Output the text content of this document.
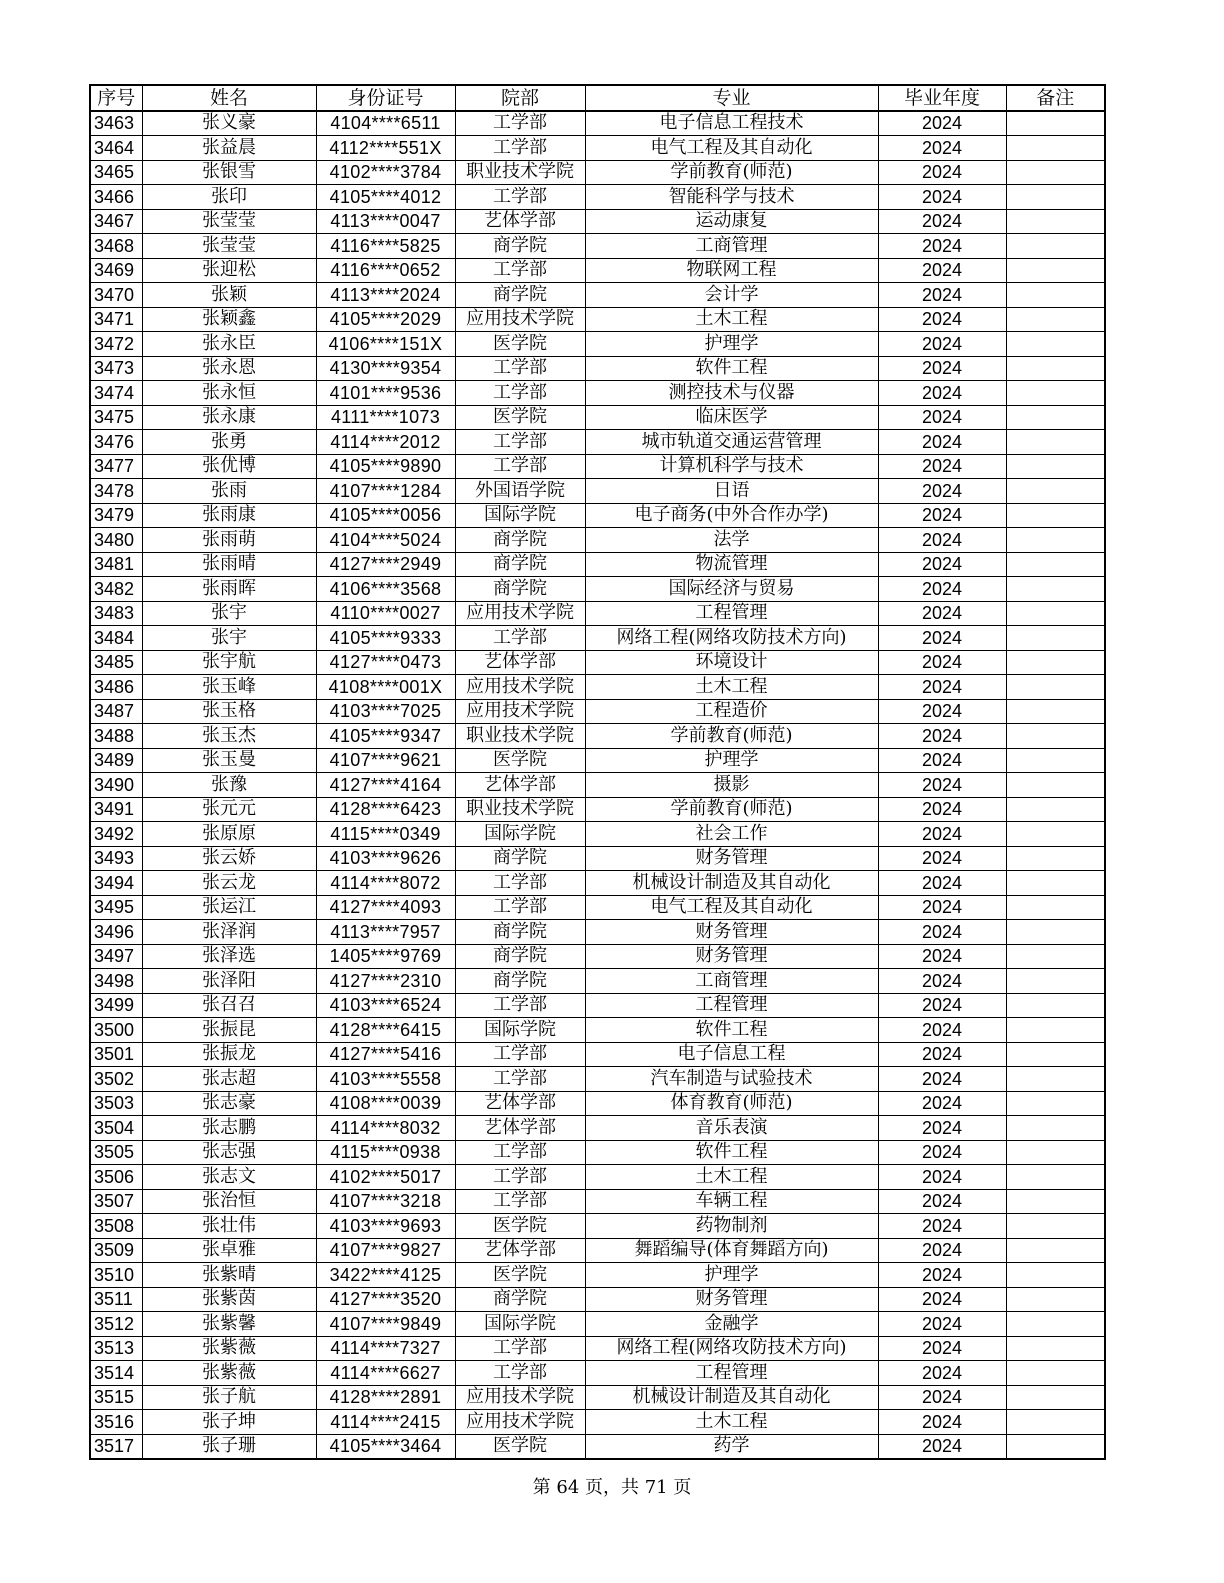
序号	姓名	身份证号	院部	专业	毕业年度	备注
3463	张义豪	4104****6511	工学部	电子信息工程技术	2024	
3464	张益晨	4112****551X	工学部	电气工程及其自动化	2024	
3465	张银雪	4102****3784	职业技术学院	学前教育(师范)	2024	
3466	张印	4105****4012	工学部	智能科学与技术	2024	
3467	张莹莹	4113****0047	艺体学部	运动康复	2024	
3468	张莹莹	4116****5825	商学院	工商管理	2024	
3469	张迎松	4116****0652	工学部	物联网工程	2024	
3470	张颖	4113****2024	商学院	会计学	2024	
3471	张颖鑫	4105****2029	应用技术学院	土木工程	2024	
3472	张永臣	4106****151X	医学院	护理学	2024	
3473	张永恩	4130****9354	工学部	软件工程	2024	
3474	张永恒	4101****9536	工学部	测控技术与仪器	2024	
3475	张永康	4111****1073	医学院	临床医学	2024	
3476	张勇	4114****2012	工学部	城市轨道交通运营管理	2024	
3477	张优博	4105****9890	工学部	计算机科学与技术	2024	
3478	张雨	4107****1284	外国语学院	日语	2024	
3479	张雨康	4105****0056	国际学院	电子商务(中外合作办学)	2024	
3480	张雨萌	4104****5024	商学院	法学	2024	
3481	张雨晴	4127****2949	商学院	物流管理	2024	
3482	张雨晖	4106****3568	商学院	国际经济与贸易	2024	
3483	张宇	4110****0027	应用技术学院	工程管理	2024	
3484	张宇	4105****9333	工学部	网络工程(网络攻防技术方向)	2024	
3485	张宇航	4127****0473	艺体学部	环境设计	2024	
3486	张玉峰	4108****001X	应用技术学院	土木工程	2024	
3487	张玉格	4103****7025	应用技术学院	工程造价	2024	
3488	张玉杰	4105****9347	职业技术学院	学前教育(师范)	2024	
3489	张玉曼	4107****9621	医学院	护理学	2024	
3490	张豫	4127****4164	艺体学部	摄影	2024	
3491	张元元	4128****6423	职业技术学院	学前教育(师范)	2024	
3492	张原原	4115****0349	国际学院	社会工作	2024	
3493	张云娇	4103****9626	商学院	财务管理	2024	
3494	张云龙	4114****8072	工学部	机械设计制造及其自动化	2024	
3495	张运江	4127****4093	工学部	电气工程及其自动化	2024	
3496	张泽润	4113****7957	商学院	财务管理	2024	
3497	张泽选	1405****9769	商学院	财务管理	2024	
3498	张泽阳	4127****2310	商学院	工商管理	2024	
3499	张召召	4103****6524	工学部	工程管理	2024	
3500	张振昆	4128****6415	国际学院	软件工程	2024	
3501	张振龙	4127****5416	工学部	电子信息工程	2024	
3502	张志超	4103****5558	工学部	汽车制造与试验技术	2024	
3503	张志豪	4108****0039	艺体学部	体育教育(师范)	2024	
3504	张志鹏	4114****8032	艺体学部	音乐表演	2024	
3505	张志强	4115****0938	工学部	软件工程	2024	
3506	张志文	4102****5017	工学部	土木工程	2024	
3507	张治恒	4107****3218	工学部	车辆工程	2024	
3508	张壮伟	4103****9693	医学院	药物制剂	2024	
3509	张卓雅	4107****9827	艺体学部	舞蹈编导(体育舞蹈方向)	2024	
3510	张紫晴	3422****4125	医学院	护理学	2024	
3511	张紫茵	4127****3520	商学院	财务管理	2024	
3512	张紫馨	4107****9849	国际学院	金融学	2024	
3513	张紫薇	4114****7327	工学部	网络工程(网络攻防技术方向)	2024	
3514	张紫薇	4114****6627	工学部	工程管理	2024	
3515	张子航	4128****2891	应用技术学院	机械设计制造及其自动化	2024	
3516	张子坤	4114****2415	应用技术学院	土木工程	2024	
3517	张子珊	4105****3464	医学院	药学	2024	
第 64 页，共 71 页
